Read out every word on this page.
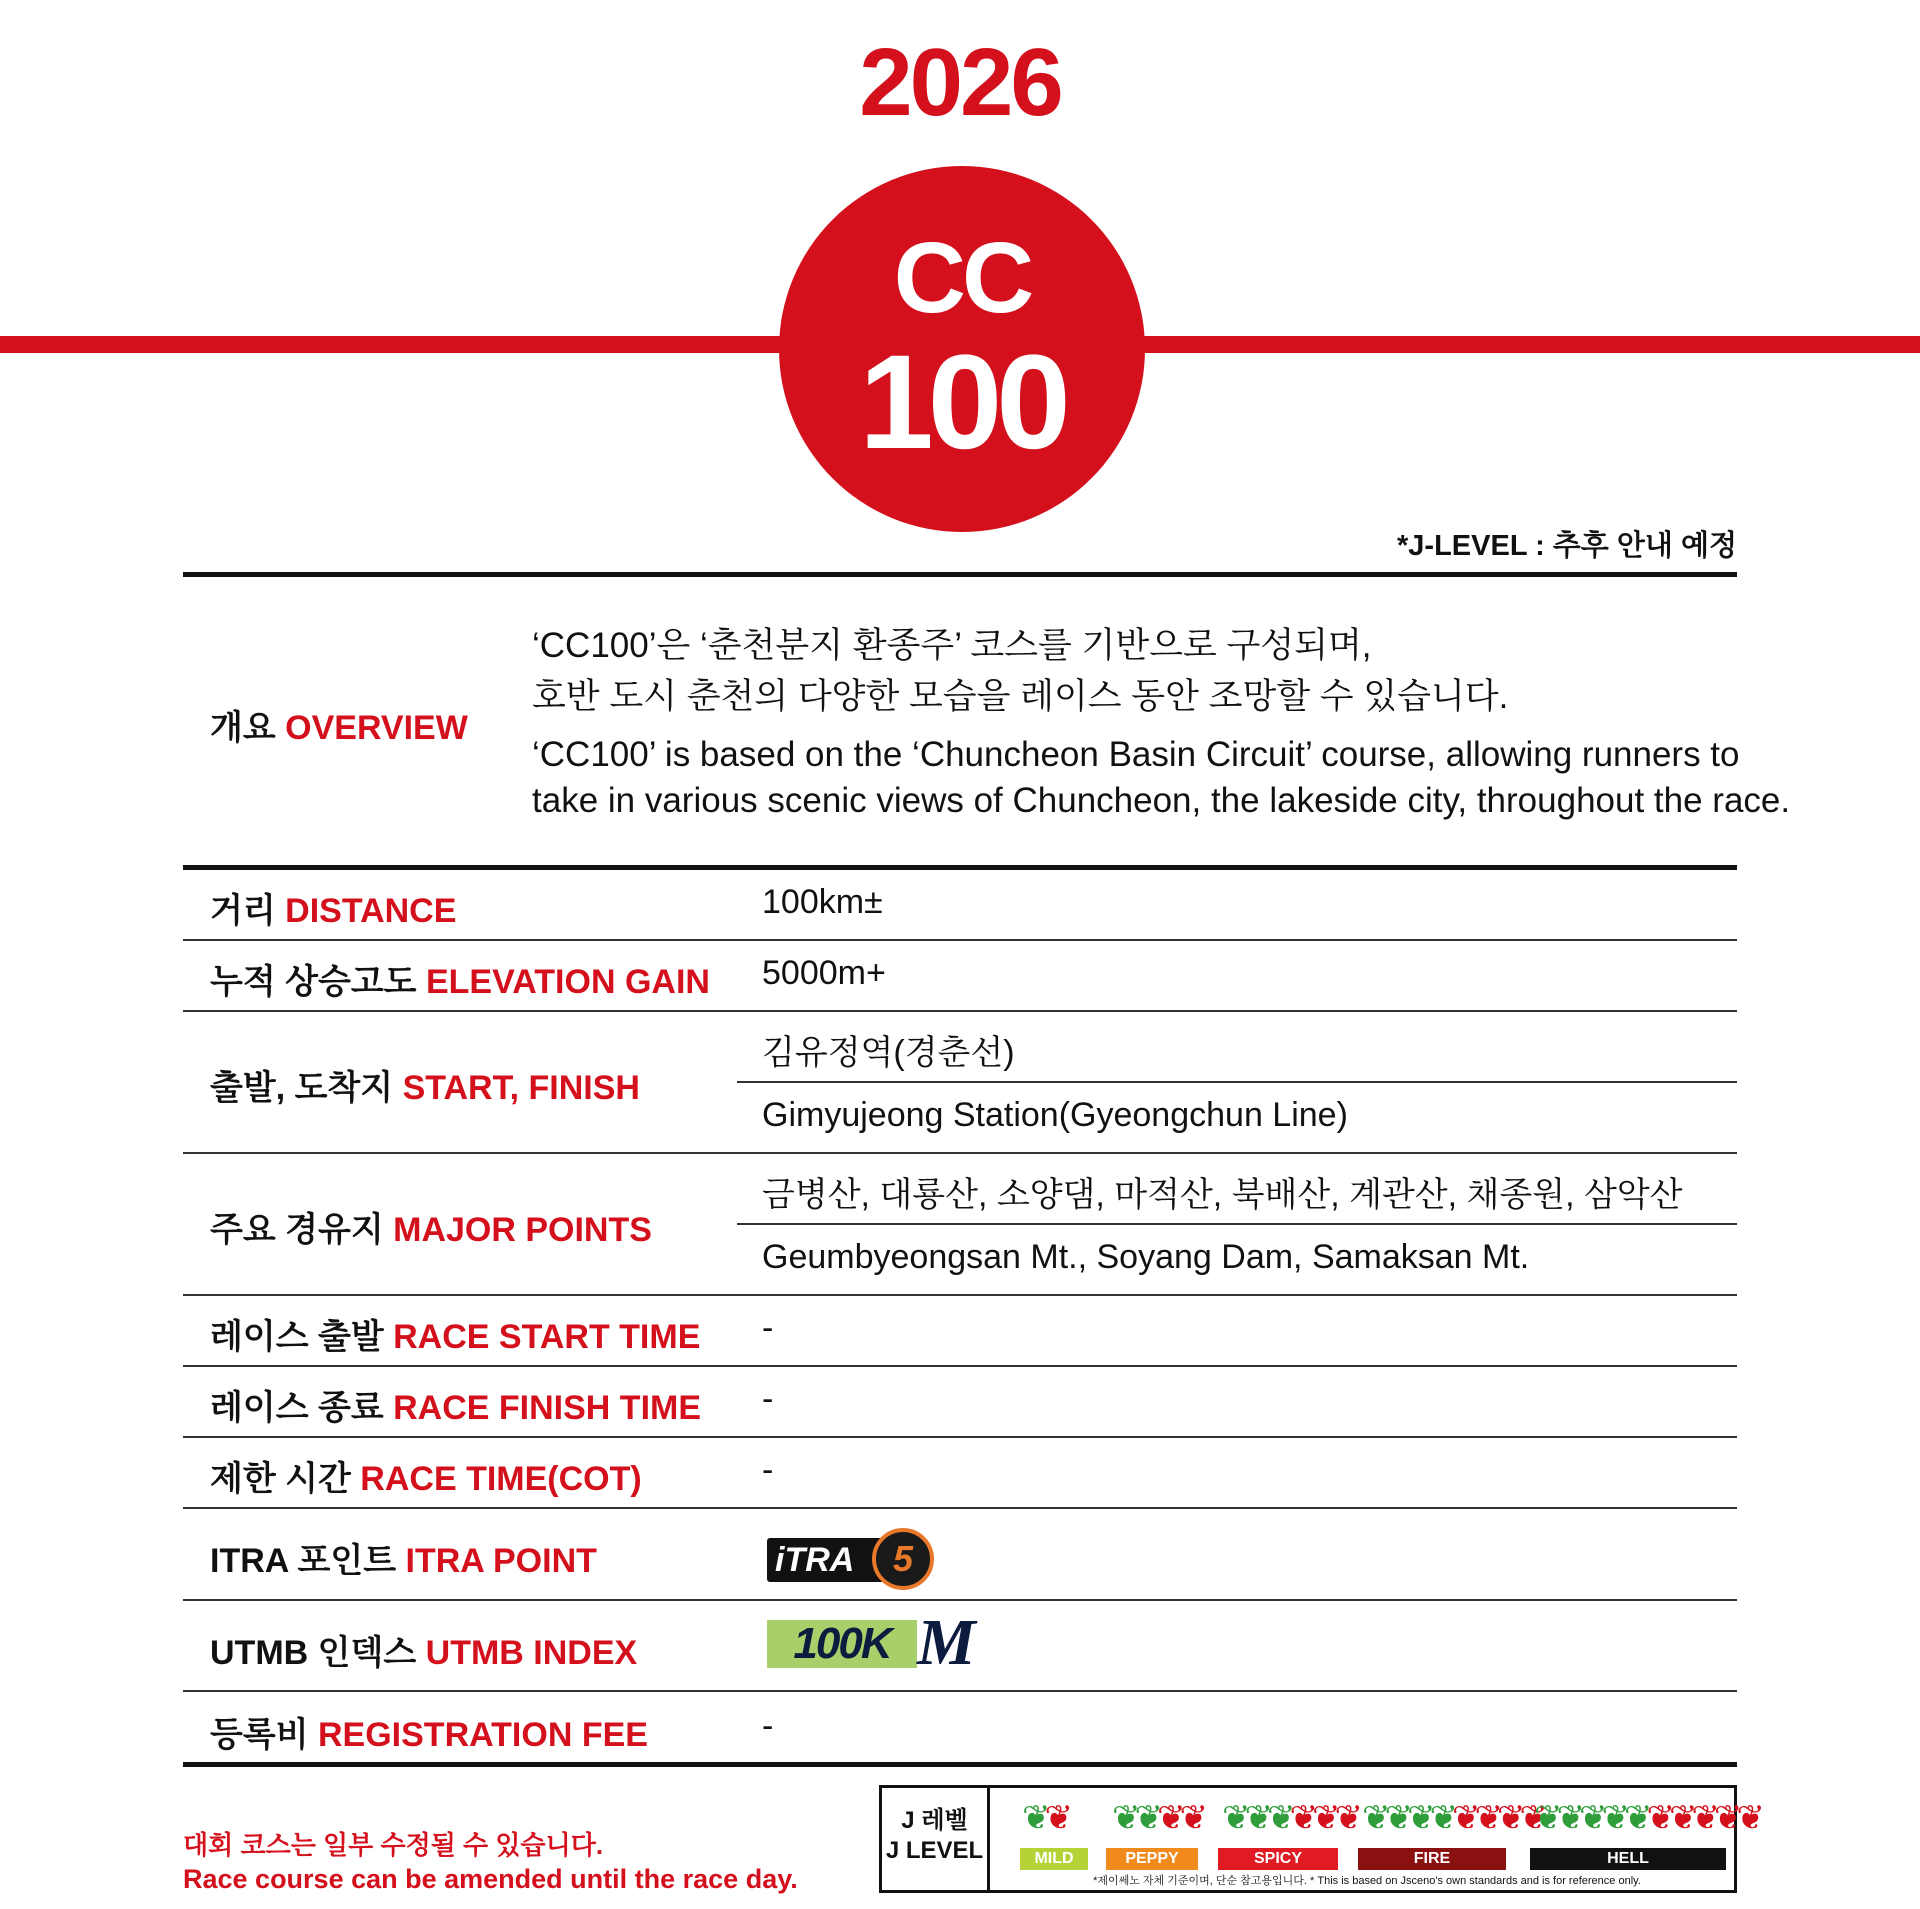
2026
CC
100
*J-LEVEL : 추후 안내 예정
개요 OVERVIEW
‘CC100’은 ‘춘천분지 환종주’ 코스를 기반으로 구성되며,
호반 도시 춘천의 다양한 모습을 레이스 동안 조망할 수 있습니다.
‘CC100’ is based on the ‘Chuncheon Basin Circuit’ course, allowing runners to
take in various scenic views of Chuncheon, the lakeside city, throughout the race.
거리 DISTANCE	100km±
누적 상승고도 ELEVATION GAIN 5000m+
출발, 도착지 START, FINISH
김유정역(경춘선)
Gimyujeong Station(Gyeongchun Line)
주요 경유지 MAJOR POINTS
금병산, 대룡산, 소양댐, 마적산, 북배산, 계관산, 채종원, 삼악산
Geumbyeongsan Mt., Soyang Dam, Samaksan Mt.
레이스 출발 RACE START TIME -
레이스 종료 RACE FINISH TIME -
제한 시간 RACE TIME(COT)	-
ITRA 포인트 ITRA POINT	iTRA	5
UTMB 인덱스 UTMB INDEX	100K M
등록비 REGISTRATION FEE	-
대회 코스는 일부 수정될 수 있습니다.
Race course can be amended until the race day.
J 레벨
J LEVEL
❦❦
MILD
❦❦❦❦
PEPPY
❦❦❦❦❦❦
SPICY
❦❦❦❦❦❦❦❦
FIRE
❦❦❦❦❦❦❦❦❦❦
HELL
*제이쎄노 자체 기준이며, 단순 참고용입니다. * This is based on Jsceno's own standards and is for reference only.
